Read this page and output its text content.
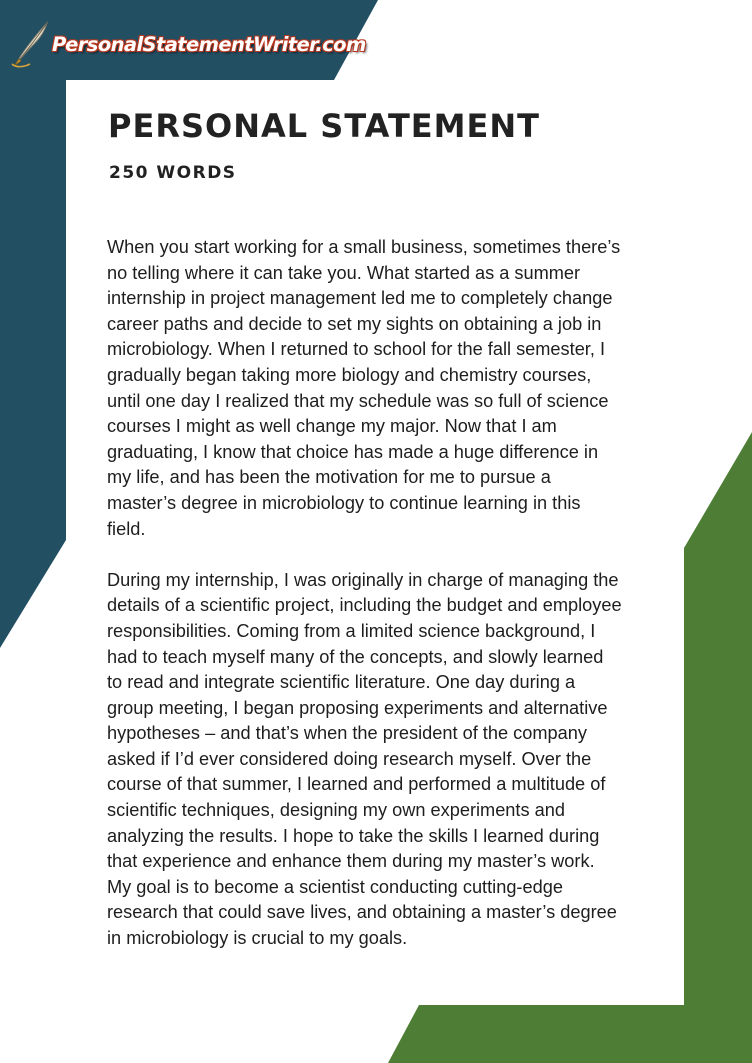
PersonalStatementWriter.com
PERSONAL STATEMENT
250 WORDS

When you start working for a small business, sometimes there’s
no telling where it can take you. What started as a summer
internship in project management led me to completely change
career paths and decide to set my sights on obtaining a job in
microbiology. When I returned to school for the fall semester, I
gradually began taking more biology and chemistry courses,
until one day I realized that my schedule was so full of science
courses I might as well change my major. Now that I am
graduating, I know that choice has made a huge difference in
my life, and has been the motivation for me to pursue a
master’s degree in microbiology to continue learning in this
field.

During my internship, I was originally in charge of managing the
details of a scientific project, including the budget and employee
responsibilities. Coming from a limited science background, I
had to teach myself many of the concepts, and slowly learned
to read and integrate scientific literature. One day during a
group meeting, I began proposing experiments and alternative
hypotheses – and that’s when the president of the company
asked if I’d ever considered doing research myself. Over the
course of that summer, I learned and performed a multitude of
scientific techniques, designing my own experiments and
analyzing the results. I hope to take the skills I learned during
that experience and enhance them during my master’s work.
My goal is to become a scientist conducting cutting-edge
research that could save lives, and obtaining a master’s degree
in microbiology is crucial to my goals.
